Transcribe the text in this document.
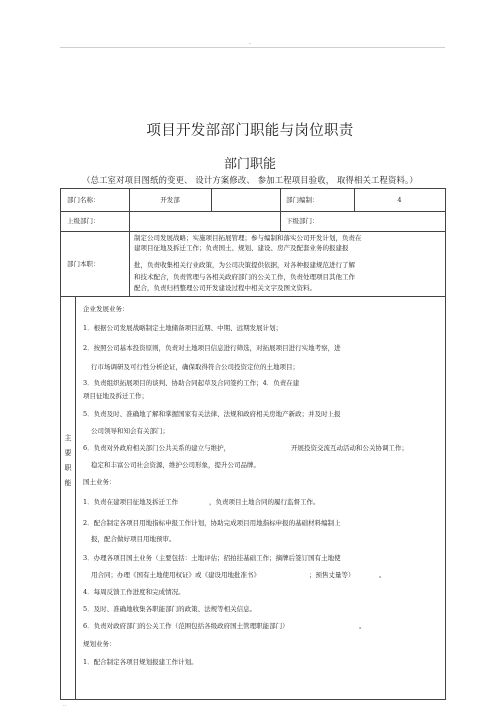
..
项目开发部部门职能与岗位职责
部门职能
（总工室对项目图纸的变更、 设计方案修改、 参加工程项目验收， 取得相关工程资料。）
部门名称：	开发部	部门编制：	4
上级部门：	下级部门：
部门本职：
制定公司发展战略；实施项目拓展管理；参与编制和落实公司开发计划，负责在
建项目征地及拆迁工作；负责国土、规划、建设、房产及配套业务的报建报
批，负责收集相关行业政策，为公司决策提供依据，对各种报建规范进行了解
和技术配合，负责管理与各相关政府部门的公关工作，负责处理项目其他工作
配合，负责归档整理公司开发建设过程中相关文字及图文资料。
主
要
职
能
企业发展业务：
1．根据公司发展战略制定土地储备项目近期、中期、远期发展计划；
2．按照公司基本投资原则，负责对土地项目信息进行筛选，对拓展项目进行实地考察，进
行市场调研及可行性分析论证，确保取得符合公司投资定位的土地项目；
3．负责组织拓展项目的谈判、协助合同起草及合同签约工作；4．负责在建
项目征地及拆迁工作；
5．负责及时、准确地了解和掌握国家有关法律、法规和政府相关房地产新政；并及时上报
公司领导和知会有关部门；
6．负责对外政府相关部门公共关系的建立与维护，	开展投资交流互动活动和公关协调工作；
稳定和丰富公司社会资源，维护公司形象，提升公司品牌。
国土业务：
1．负责在建项目征地及拆迁工作	，负责项目土地合同的履行监督工作。
2．配合制定各项目用地指标申报工作计划，协助完成项目用地指标申报的基础材料编制上
报，配合做好项目用地预审。
3．办理各项目国土业务（主要包括：土地评估；招拍挂基础工作；摘牌后签订国有土地使
用合同；办理《国有土地使用权证》或《建设用地批准书》	；预售丈量等）	。
4．每周反馈工作进度和完成情况。
5．及时、准确地收集各职能部门的政策、法规等相关信息。
6．负责对政府部门的公关工作（范围包括各级政府国土管理职能部门）	。
规划业务：
1．配合制定各项目规划报建工作计划。
..
